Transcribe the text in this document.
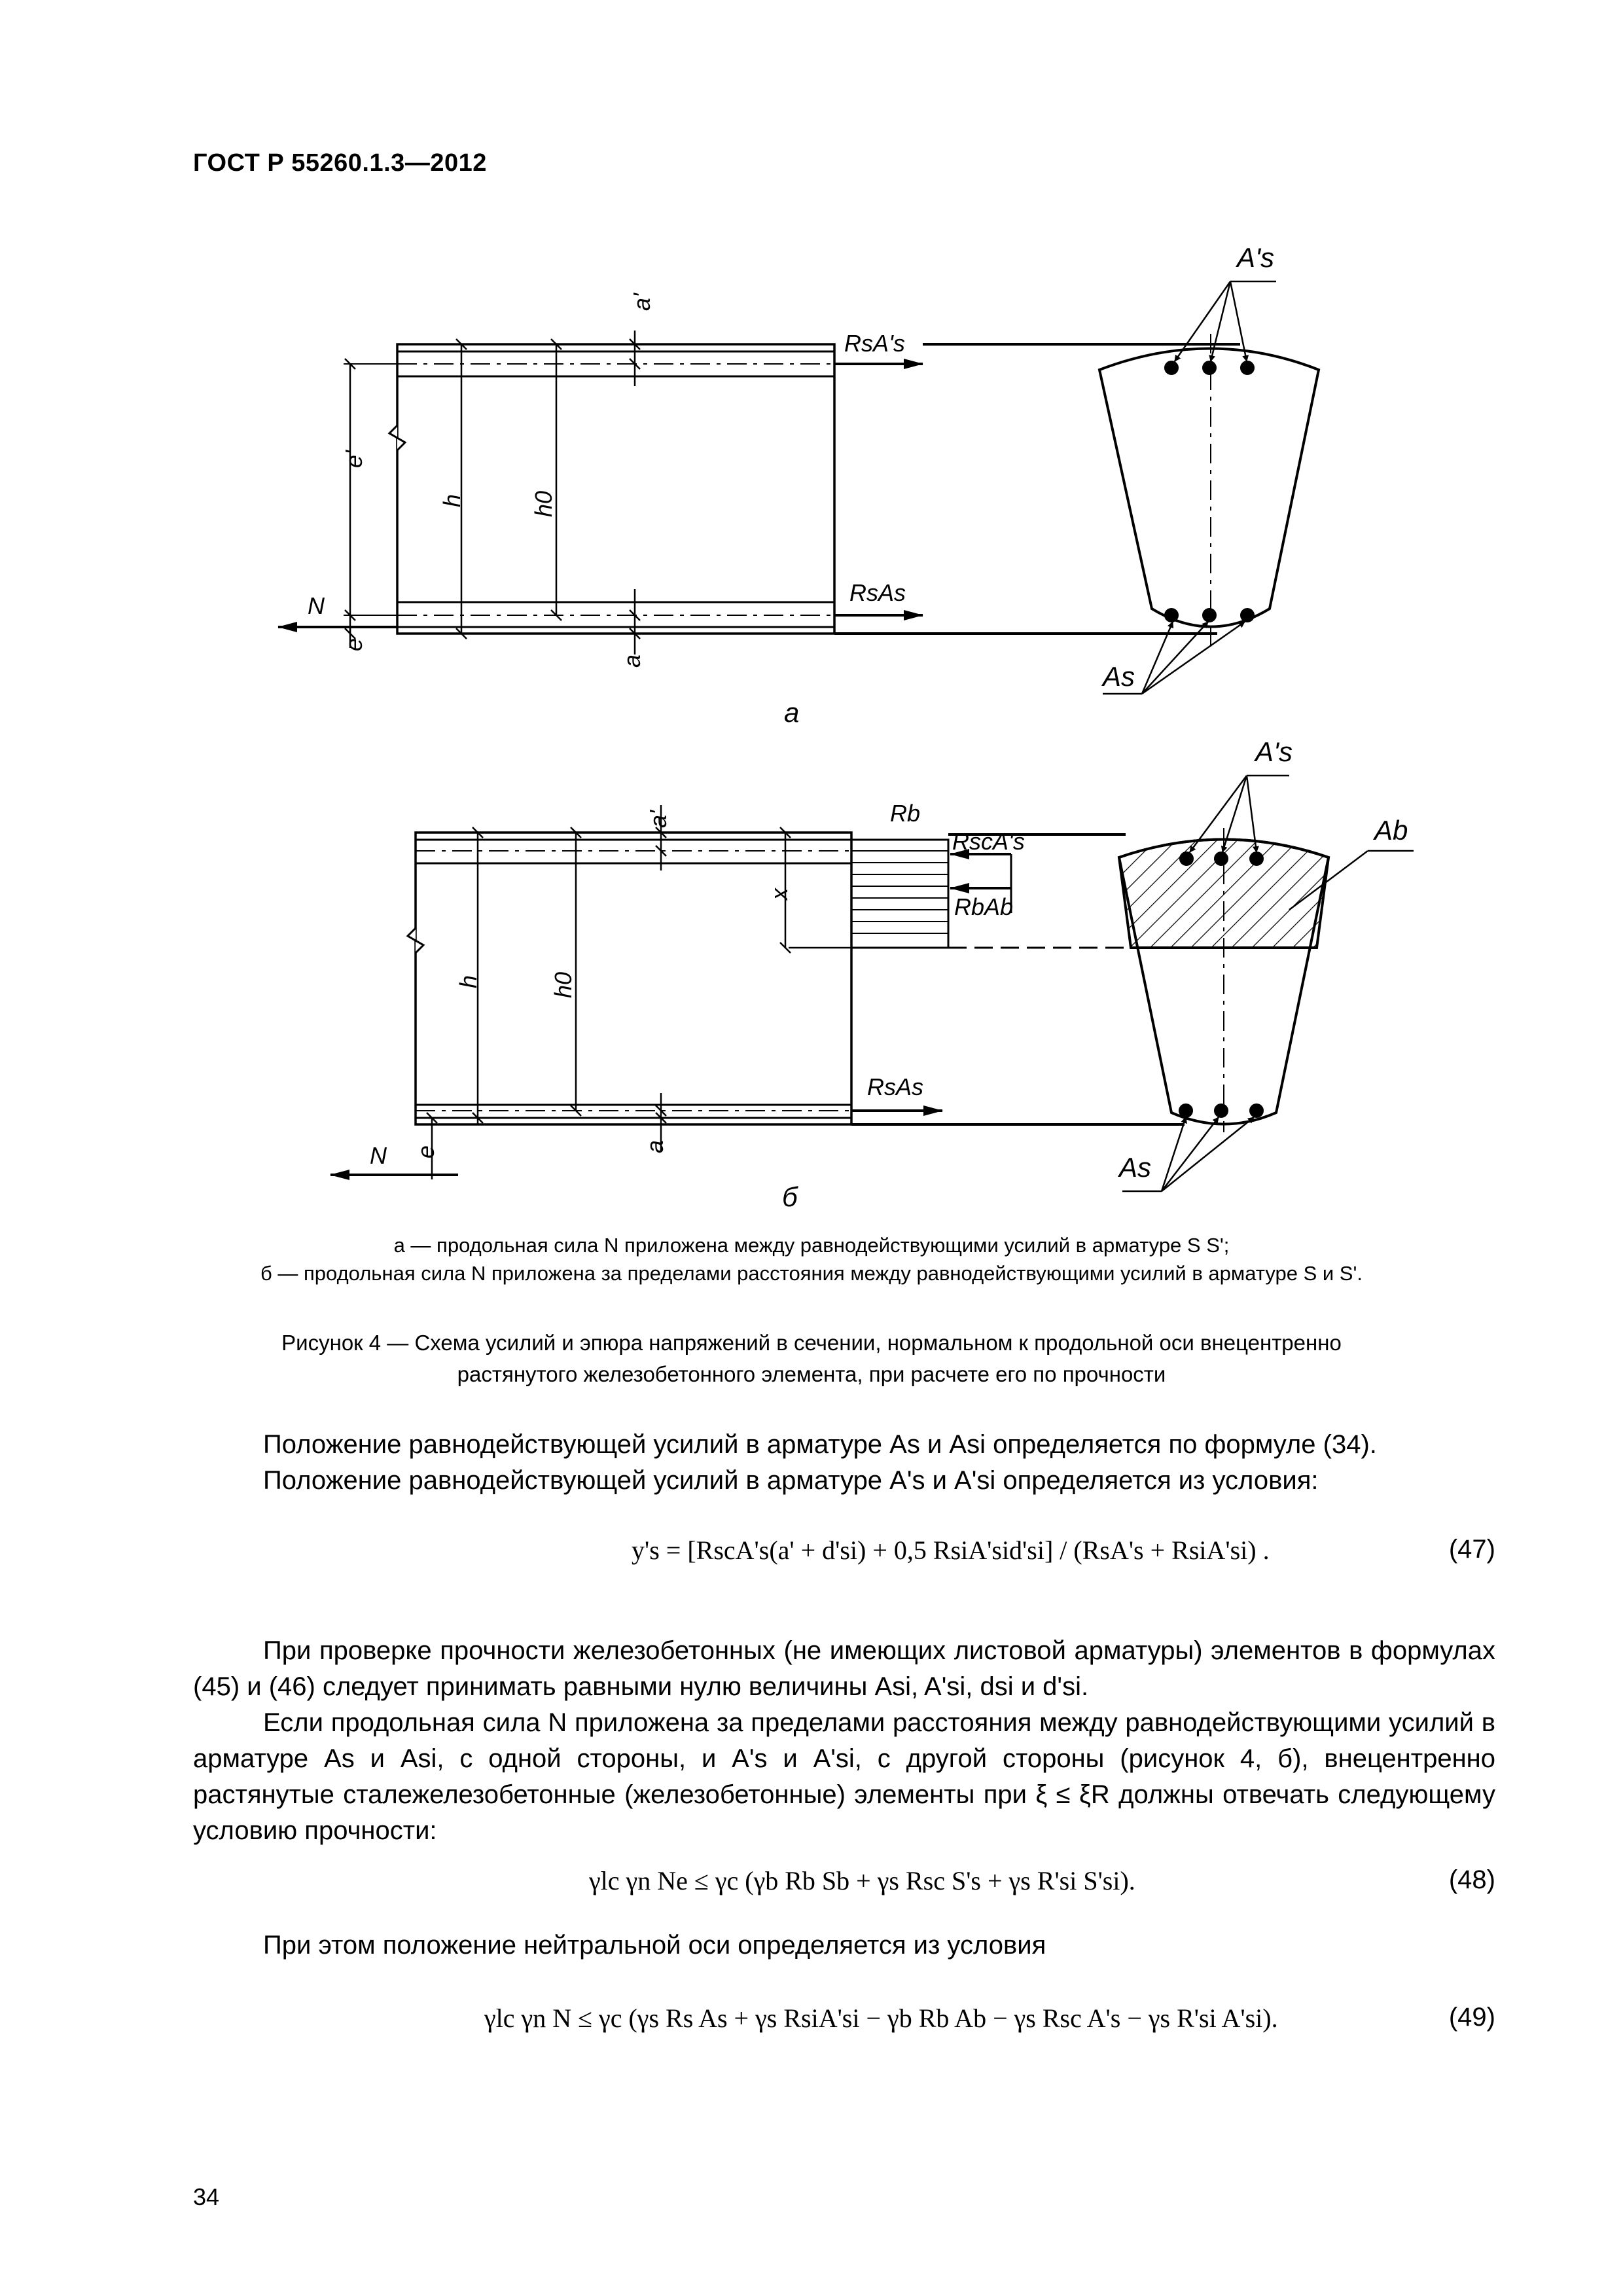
ГОСТ Р 55260.1.3—2012
a'
e'
h	h0
e
a
N
RsA's
RsAs
A's
As
а
a'
x
h	h0
e	a
N
Rb
RscA's
RbAb
RsAs
A's
Ab
As
б
а — продольная сила N приложена между равнодействующими усилий в арматуре S S';
б — продольная сила N приложена за пределами расстояния между равнодействующими усилий в арматуре S и S'.
Рисунок 4 — Схема усилий и эпюра напряжений в сечении, нормальном к продольной оси внецентренно
растянутого железобетонного элемента, при расчете его по прочности
Положение равнодействующей усилий в арматуре As и Asi определяется по формуле (34).
Положение равнодействующей усилий в арматуре A's и A'si определяется из условия:
y's = [RscA's(a' + d'si) + 0,5 RsiA'sid'si] / (RsA's + RsiA'si) .	(47)
При проверке прочности железобетонных (не имеющих листовой арматуры) элементов в формулах (45) и (46) следует принимать равными нулю величины Asi, A'si, dsi и d'si.
Если продольная сила N приложена за пределами расстояния между равнодействующими усилий в арматуре As и Asi, с одной стороны, и A's и A'si, с другой стороны (рисунок 4, б), внецентренно растянутые сталежелезобетонные (железобетонные) элементы при ξ ≤ ξR должны отвечать следующему условию прочности:
γlc γn Ne ≤ γc (γb Rb Sb + γs Rsc S's + γs R'si S'si).	(48)
При этом положение нейтральной оси определяется из условия
γlc γn N ≤ γc (γs Rs As + γs RsiA'si − γb Rb Ab − γs Rsc A's − γs R'si A'si).	(49)
34
